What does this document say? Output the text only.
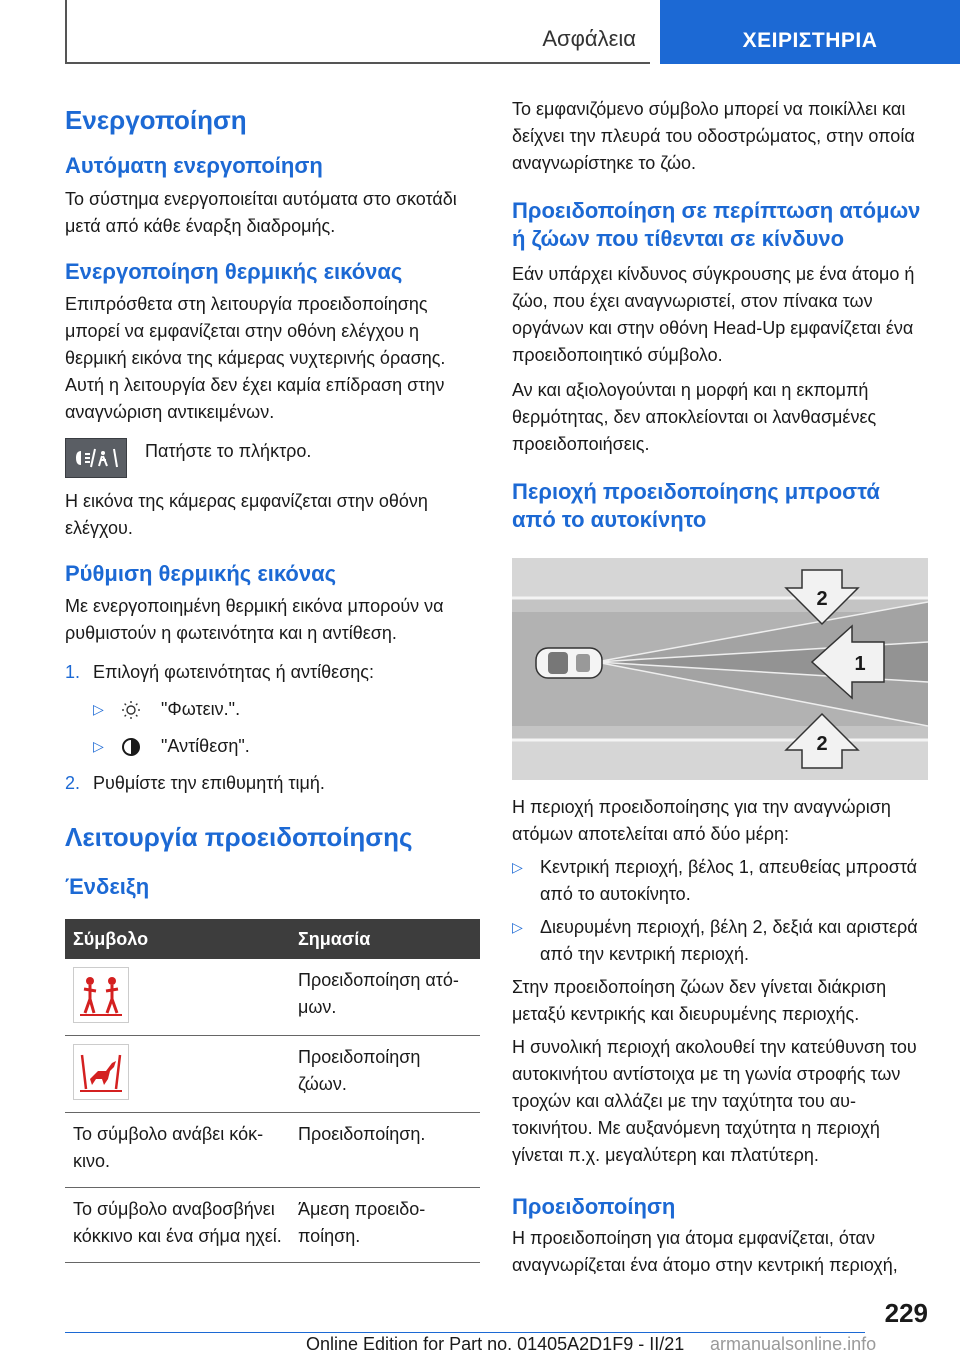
Ασφάλεια	ΧΕΙΡΙΣΤΗΡΙΑ
Ενεργοποίηση
Αυτόματη ενεργοποίηση
Το σύστημα ενεργοποιείται αυτόματα στο σκοτάδι μετά από κάθε έναρξη διαδρομής.
Ενεργοποίηση θερμικής εικόνας
Επιπρόσθετα στη λειτουργία προειδοποίησης μπορεί να εμφανίζεται στην οθόνη ελέγχου η θερμική εικόνα της κάμερας νυχτερινής όρασης. Αυτή η λειτουργία δεν έχει καμία επίδραση στην αναγνώριση αντικειμένων.
Πατήστε το πλήκτρο.
Η εικόνα της κάμερας εμφανίζεται στην οθόνη ελέγχου.
Ρύθμιση θερμικής εικόνας
Με ενεργοποιημένη θερμική εικόνα μπορούν να ρυθμιστούν η φωτεινότητα και η αντίθεση.
1. Επιλογή φωτεινότητας ή αντίθεσης:
▷	"Φωτειν.".
▷	"Αντίθεση".
2. Ρυθμίστε την επιθυμητή τιμή.
Λειτουργία προειδοποίησης
Ένδειξη
Σύμβολο	Σημασία

	Προειδοποίηση ατόμων.

	Προειδοποίηση ζώων.
Το σύμβολο ανάβει κόκκινο.	Προειδοποίηση.
Το σύμβολο αναβοσβήνει κόκκινο και ένα σήμα ηχεί.	Άμεση προειδοποίηση.
Το εμφανιζόμενο σύμβολο μπορεί να ποικίλλει και δείχνει την πλευρά του οδοστρώματος, στην οποία αναγνωρίστηκε το ζώο.
Προειδοποίηση σε περίπτωση ατόμων ή ζώων που τίθενται σε κίνδυνο
Εάν υπάρχει κίνδυνος σύγκρουσης με ένα άτομο ή ζώο, που έχει αναγνωριστεί, στον πίνακα των οργάνων και στην οθόνη Head-Up εμφανίζεται ένα προειδοποιητικό σύμβολο.
Αν και αξιολογούνται η μορφή και η εκπομπή θερμότητας, δεν αποκλείονται οι λανθασμένες προειδοποιήσεις.
Περιοχή προειδοποίησης μπροστά από το αυτοκίνητο
2
1
2
Η περιοχή προειδοποίησης για την αναγνώριση ατόμων αποτελείται από δύο μέρη:
▷ Κεντρική περιοχή, βέλος 1, απευθείας μπροστά από το αυτοκίνητο.
▷ Διευρυμένη περιοχή, βέλη 2, δεξιά και αριστερά από την κεντρική περιοχή.
Στην προειδοποίηση ζώων δεν γίνεται διάκριση μεταξύ κεντρικής και διευρυμένης περιοχής.
Η συνολική περιοχή ακολουθεί την κατεύθυνση του αυτοκινήτου αντίστοιχα με τη γωνία στροφής των τροχών και αλλάζει με την ταχύτητα του αυτοκινήτου. Με αυξανόμενη ταχύτητα η περιοχή γίνεται π.χ. μεγαλύτερη και πλατύτερη.
Προειδοποίηση
Η προειδοποίηση για άτομα εμφανίζεται, όταν αναγνωρίζεται ένα άτομο στην κεντρική περιοχή,
229
Online Edition for Part no. 01405A2D1F9 - II/21 armanualsonline.info
